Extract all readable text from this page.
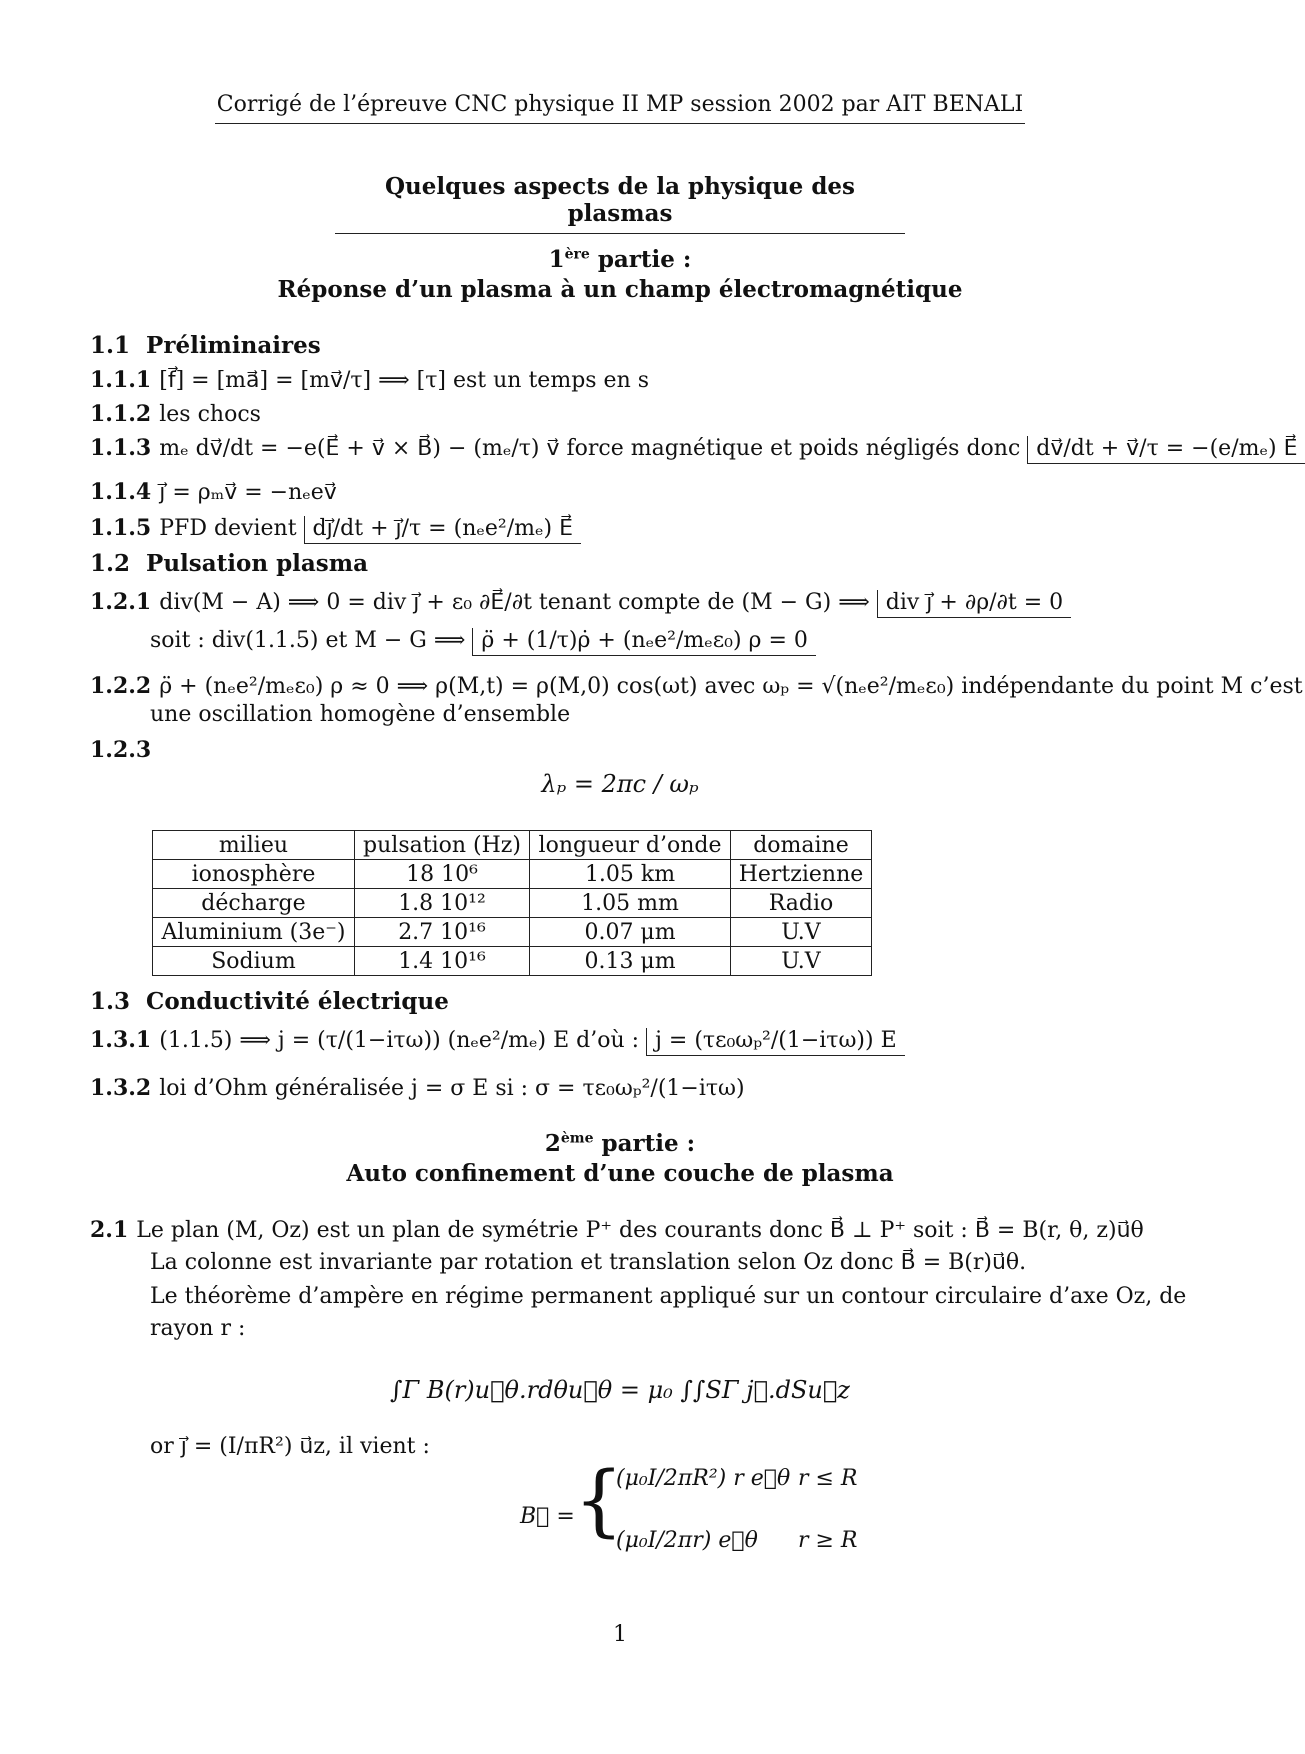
Corrigé de l’épreuve CNC physique II MP session 2002 par AIT BENALI
Quelques aspects de la physique des plasmas
1ère partie :
Réponse d’un plasma à un champ électromagnétique
1.1 Préliminaires
1.1.1 [f⃗] = [ma⃗] = [mv⃗/τ] ⟹ [τ] est un temps en s
1.1.2 les chocs
1.1.3 mₑ dv⃗/dt = −e(E⃗ + v⃗ × B⃗) − (mₑ/τ) v⃗ force magnétique et poids négligés donc dv⃗/dt + v⃗/τ = −(e/mₑ) E⃗
1.1.4 j⃗ = ρₘv⃗ = −nₑev⃗
1.1.5 PFD devient dj⃗/dt + j⃗/τ = (nₑe²/mₑ) E⃗
1.2 Pulsation plasma
1.2.1 div(M − A) ⟹ 0 = div j⃗ + ε₀ ∂E⃗/∂t tenant compte de (M − G) ⟹ div j⃗ + ∂ρ/∂t = 0
soit : div(1.1.5) et M − G ⟹ ρ̈ + (1/τ)ρ̇ + (nₑe²/mₑε₀) ρ = 0
1.2.2 ρ̈ + (nₑe²/mₑε₀) ρ ≈ 0 ⟹ ρ(M,t) = ρ(M,0) cos(ωt) avec ωₚ = √(nₑe²/mₑε₀) indépendante du point M c’est
une oscillation homogène d’ensemble
1.2.3
λₚ = 2πc / ωₚ
milieu	pulsation (Hz)	longueur d’onde	domaine
ionosphère	18 10⁶	1.05 km	Hertzienne
décharge	1.8 10¹²	1.05 mm	Radio
Aluminium (3e⁻)	2.7 10¹⁶	0.07 μm	U.V
Sodium	1.4 10¹⁶	0.13 μm	U.V
1.3 Conductivité électrique
1.3.1 (1.1.5) ⟹ j = (τ/(1−iτω)) (nₑe²/mₑ) E d’où : j = (τε₀ωₚ²/(1−iτω)) E
1.3.2 loi d’Ohm généralisée j = σ E si : σ = τε₀ωₚ²/(1−iτω)
2ème partie :
Auto confinement d’une couche de plasma
2.1 Le plan (M, Oz) est un plan de symétrie P⁺ des courants donc B⃗ ⊥ P⁺ soit : B⃗ = B(r, θ, z)u⃗θ
La colonne est invariante par rotation et translation selon Oz donc B⃗ = B(r)u⃗θ.
Le théorème d’ampère en régime permanent appliqué sur un contour circulaire d’axe Oz, de
rayon r :
∫Γ B(r)u⃗θ.rdθu⃗θ = μ₀ ∫∫SΓ j⃗.dSu⃗z
or j⃗ = (I/πR²) u⃗z, il vient :
B⃗ = {
(μ₀I/2πR²) r e⃗θ r ≤ R
(μ₀I/2πr) e⃗θ r ≥ R
1
